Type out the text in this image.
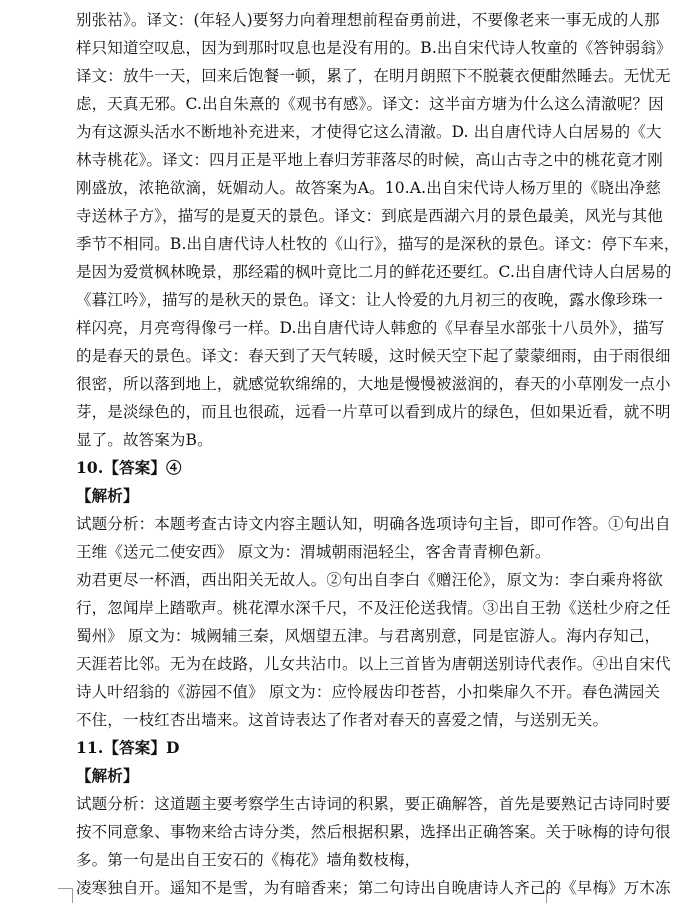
别张祜》。译文：(年轻人)要努力向着理想前程奋勇前进，不要像老来一事无成的人那
样只知道空叹息，因为到那时叹息也是没有用的。B.出自宋代诗人牧童的《答钟弱翁》
译文：放牛一天，回来后饱餐一顿，累了，在明月朗照下不脱蓑衣便酣然睡去。无忧无
虑，天真无邪。C.出自朱熹的《观书有感》。译文：这半亩方塘为什么这么清澈呢？因
为有这源头活水不断地补充进来，才使得它这么清澈。D. 出自唐代诗人白居易的《大
林寺桃花》。译文：四月正是平地上春归芳菲落尽的时候，高山古寺之中的桃花竟才刚
刚盛放，浓艳欲滴，妩媚动人。故答案为A。10.A.出自宋代诗人杨万里的《晓出净慈
寺送林子方》，描写的是夏天的景色。译文：到底是西湖六月的景色最美，风光与其他
季节不相同。B.出自唐代诗人杜牧的《山行》，描写的是深秋的景色。译文：停下车来，
是因为爱赏枫林晚景，那经霜的枫叶竟比二月的鲜花还要红。C.出自唐代诗人白居易的
《暮江吟》，描写的是秋天的景色。译文：让人怜爱的九月初三的夜晚，露水像珍珠一
样闪亮，月亮弯得像弓一样。D.出自唐代诗人韩愈的《早春呈水部张十八员外》，描写
的是春天的景色。译文：春天到了天气转暖，这时候天空下起了蒙蒙细雨，由于雨很细
很密，所以落到地上，就感觉软绵绵的，大地是慢慢被滋润的，春天的小草刚发一点小
芽，是淡绿色的，而且也很疏，远看一片草可以看到成片的绿色，但如果近看，就不明
显了。故答案为B。
10.【答案】④
【解析】
试题分析：本题考查古诗文内容主题认知，明确各选项诗句主旨，即可作答。①句出自
王维《送元二使安西》 原文为：渭城朝雨浥轻尘，客舍青青柳色新。
劝君更尽一杯酒，西出阳关无故人。②句出自李白《赠汪伦》，原文为：李白乘舟将欲
行，忽闻岸上踏歌声。桃花潭水深千尺，不及汪伦送我情。③出自王勃《送杜少府之任
蜀州》 原文为：城阙辅三秦，风烟望五津。与君离别意，同是宦游人。海内存知己，
天涯若比邻。无为在歧路，儿女共沾巾。以上三首皆为唐朝送别诗代表作。④出自宋代
诗人叶绍翁的《游园不值》 原文为：应怜屐齿印苍苔，小扣柴扉久不开。春色满园关
不住，一枝红杏出墙来。这首诗表达了作者对春天的喜爱之情，与送别无关。
11.【答案】D
【解析】
试题分析：这道题主要考察学生古诗词的积累，要正确解答，首先是要熟记古诗同时要
按不同意象、事物来给古诗分类，然后根据积累，选择出正确答案。关于咏梅的诗句很
多。第一句是出自王安石的《梅花》墙角数枝梅，
凌寒独自开。遥知不是雪，为有暗香来；第二句诗出自晚唐诗人齐己的《早梅》万木冻
